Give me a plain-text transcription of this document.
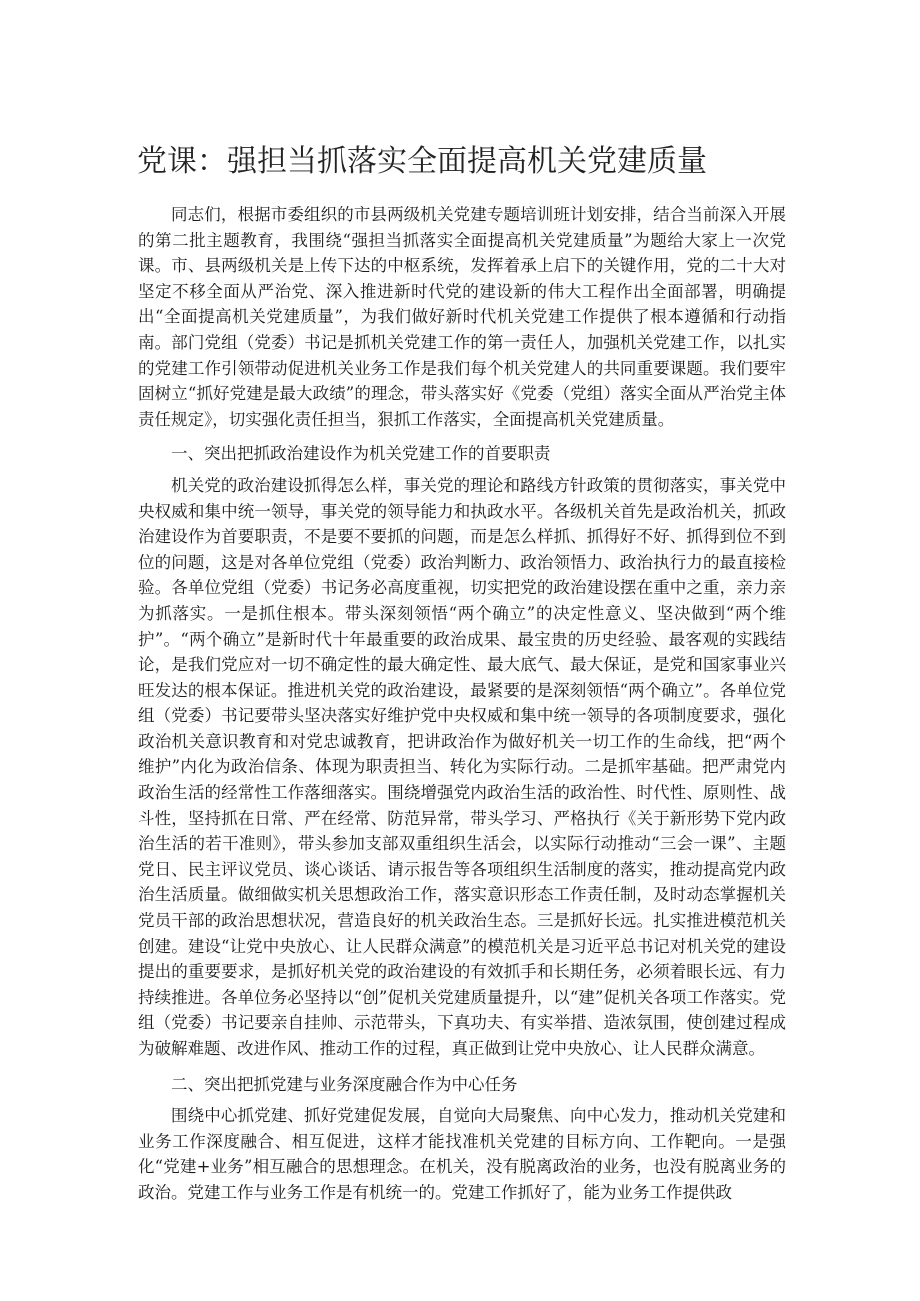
党课：强担当抓落实全面提高机关党建质量

同志们，根据市委组织的市县两级机关党建专题培训班计划安排，结合当前深入开展的第二批主题教育，我围绕“强担当抓落实全面提高机关党建质量”为题给大家上一次党课。市、县两级机关是上传下达的中枢系统，发挥着承上启下的关键作用，党的二十大对坚定不移全面从严治党、深入推进新时代党的建设新的伟大工程作出全面部署，明确提出“全面提高机关党建质量”，为我们做好新时代机关党建工作提供了根本遵循和行动指南。部门党组（党委）书记是抓机关党建工作的第一责任人，加强机关党建工作，以扎实的党建工作引领带动促进机关业务工作是我们每个机关党建人的共同重要课题。我们要牢固树立“抓好党建是最大政绩”的理念，带头落实好《党委（党组）落实全面从严治党主体责任规定》，切实强化责任担当，狠抓工作落实，全面提高机关党建质量。

一、突出把抓政治建设作为机关党建工作的首要职责

机关党的政治建设抓得怎么样，事关党的理论和路线方针政策的贯彻落实，事关党中央权威和集中统一领导，事关党的领导能力和执政水平。各级机关首先是政治机关，抓政治建设作为首要职责，不是要不要抓的问题，而是怎么样抓、抓得好不好、抓得到位不到位的问题，这是对各单位党组（党委）政治判断力、政治领悟力、政治执行力的最直接检验。各单位党组（党委）书记务必高度重视，切实把党的政治建设摆在重中之重，亲力亲为抓落实。一是抓住根本。带头深刻领悟“两个确立”的决定性意义、坚决做到“两个维护”。“两个确立”是新时代十年最重要的政治成果、最宝贵的历史经验、最客观的实践结论，是我们党应对一切不确定性的最大确定性、最大底气、最大保证，是党和国家事业兴旺发达的根本保证。推进机关党的政治建设，最紧要的是深刻领悟“两个确立”。各单位党组（党委）书记要带头坚决落实好维护党中央权威和集中统一领导的各项制度要求，强化政治机关意识教育和对党忠诚教育，把讲政治作为做好机关一切工作的生命线，把“两个维护”内化为政治信条、体现为职责担当、转化为实际行动。二是抓牢基础。把严肃党内政治生活的经常性工作落细落实。围绕增强党内政治生活的政治性、时代性、原则性、战斗性，坚持抓在日常、严在经常、防范异常，带头学习、严格执行《关于新形势下党内政治生活的若干准则》，带头参加支部双重组织生活会，以实际行动推动“三会一课”、主题党日、民主评议党员、谈心谈话、请示报告等各项组织生活制度的落实，推动提高党内政治生活质量。做细做实机关思想政治工作，落实意识形态工作责任制，及时动态掌握机关党员干部的政治思想状况，营造良好的机关政治生态。三是抓好长远。扎实推进模范机关创建。建设“让党中央放心、让人民群众满意”的模范机关是习近平总书记对机关党的建设提出的重要要求，是抓好机关党的政治建设的有效抓手和长期任务，必须着眼长远、有力持续推进。各单位务必坚持以“创”促机关党建质量提升，以“建”促机关各项工作落实。党组（党委）书记要亲自挂帅、示范带头，下真功夫、有实举措、造浓氛围，使创建过程成为破解难题、改进作风、推动工作的过程，真正做到让党中央放心、让人民群众满意。

二、突出把抓党建与业务深度融合作为中心任务

围绕中心抓党建、抓好党建促发展，自觉向大局聚焦、向中心发力，推动机关党建和业务工作深度融合、相互促进，这样才能找准机关党建的目标方向、工作靶向。一是强化“党建+业务”相互融合的思想理念。在机关，没有脱离政治的业务，也没有脱离业务的政治。党建工作与业务工作是有机统一的。党建工作抓好了，能为业务工作提供政
